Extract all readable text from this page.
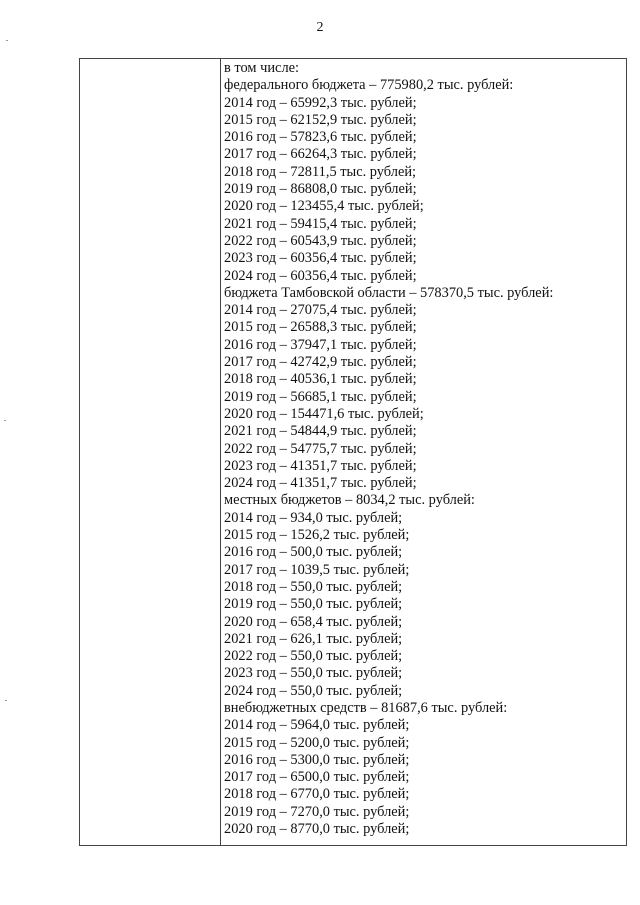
2
в том числе:
федерального бюджета – 775980,2 тыс. рублей:
2014 год – 65992,3 тыс. рублей;
2015 год – 62152,9 тыс. рублей;
2016 год – 57823,6 тыс. рублей;
2017 год – 66264,3 тыс. рублей;
2018 год – 72811,5 тыс. рублей;
2019 год – 86808,0 тыс. рублей;
2020 год – 123455,4 тыс. рублей;
2021 год – 59415,4 тыс. рублей;
2022 год – 60543,9 тыс. рублей;
2023 год – 60356,4 тыс. рублей;
2024 год – 60356,4 тыс. рублей;
бюджета Тамбовской области – 578370,5 тыс. рублей:
2014 год – 27075,4 тыс. рублей;
2015 год – 26588,3 тыс. рублей;
2016 год – 37947,1 тыс. рублей;
2017 год – 42742,9 тыс. рублей;
2018 год – 40536,1 тыс. рублей;
2019 год – 56685,1 тыс. рублей;
2020 год – 154471,6 тыс. рублей;
2021 год – 54844,9 тыс. рублей;
2022 год – 54775,7 тыс. рублей;
2023 год – 41351,7 тыс. рублей;
2024 год – 41351,7 тыс. рублей;
местных бюджетов – 8034,2 тыс. рублей:
2014 год – 934,0 тыс. рублей;
2015 год – 1526,2 тыс. рублей;
2016 год – 500,0 тыс. рублей;
2017 год – 1039,5 тыс. рублей;
2018 год – 550,0 тыс. рублей;
2019 год – 550,0 тыс. рублей;
2020 год – 658,4 тыс. рублей;
2021 год – 626,1 тыс. рублей;
2022 год – 550,0 тыс. рублей;
2023 год – 550,0 тыс. рублей;
2024 год – 550,0 тыс. рублей;
внебюджетных средств – 81687,6 тыс. рублей:
2014 год – 5964,0 тыс. рублей;
2015 год – 5200,0 тыс. рублей;
2016 год – 5300,0 тыс. рублей;
2017 год – 6500,0 тыс. рублей;
2018 год – 6770,0 тыс. рублей;
2019 год – 7270,0 тыс. рублей;
2020 год – 8770,0 тыс. рублей;
